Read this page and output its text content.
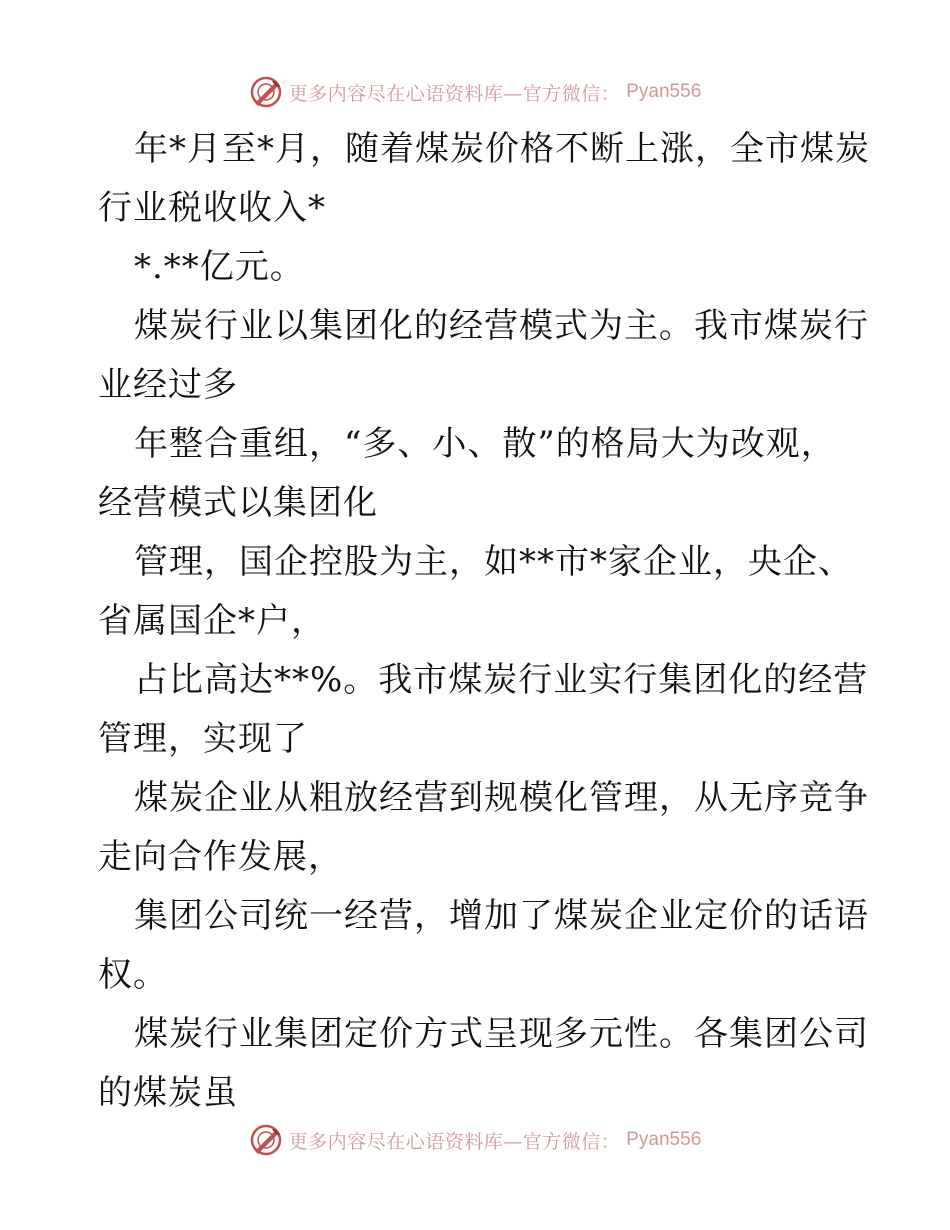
更多内容尽在心语资料库—官方微信： Pyan556
年*月至*月，随着煤炭价格不断上涨，全市煤炭
行业税收收入*
*.**亿元。
煤炭行业以集团化的经营模式为主。我市煤炭行
业经过多
年整合重组，“多、小、散”的格局大为改观，
经营模式以集团化
管理，国企控股为主，如**市*家企业，央企、
省属国企*户，
占比高达**%。我市煤炭行业实行集团化的经营
管理，实现了
煤炭企业从粗放经营到规模化管理，从无序竞争
走向合作发展，
集团公司统一经营，增加了煤炭企业定价的话语
权。
煤炭行业集团定价方式呈现多元性。各集团公司
的煤炭虽
更多内容尽在心语资料库—官方微信： Pyan556
